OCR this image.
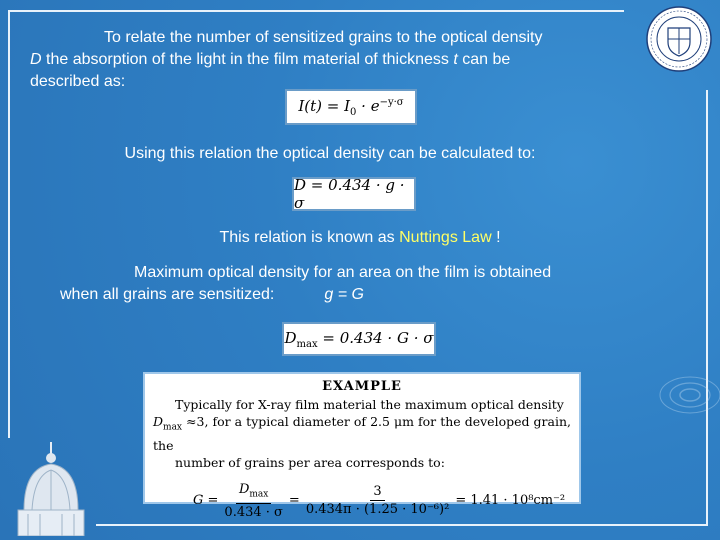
To relate the number of sensitized grains to the optical density
D the absorption of the light in the film material of thickness t can be
described as:
$I(t) = I_0 \cdot e^{-y\cdot\sigma}$
Using this relation the optical density can be calculated to:
D = 0.434 · g · σ
This relation is known as Nuttings Law !
Maximum optical density for an area on the film is obtained
when all grains are sensitized:	g = G
$D_{max} = 0.434 \cdot G \cdot \sigma$
EXAMPLE
Typically for X-ray film material the maximum optical density
$D_{max} \approx 3$, for a typical diameter of 2.5 μm for the developed grain, the
number of grains per area corresponds to:
$G = \frac{D_{max}}{0.434 \cdot \sigma} = \frac{3}{\text{0.434π · (1.25 · 10⁻⁶)²}} = 1.41 \cdot 10^8cm^{-2}$
